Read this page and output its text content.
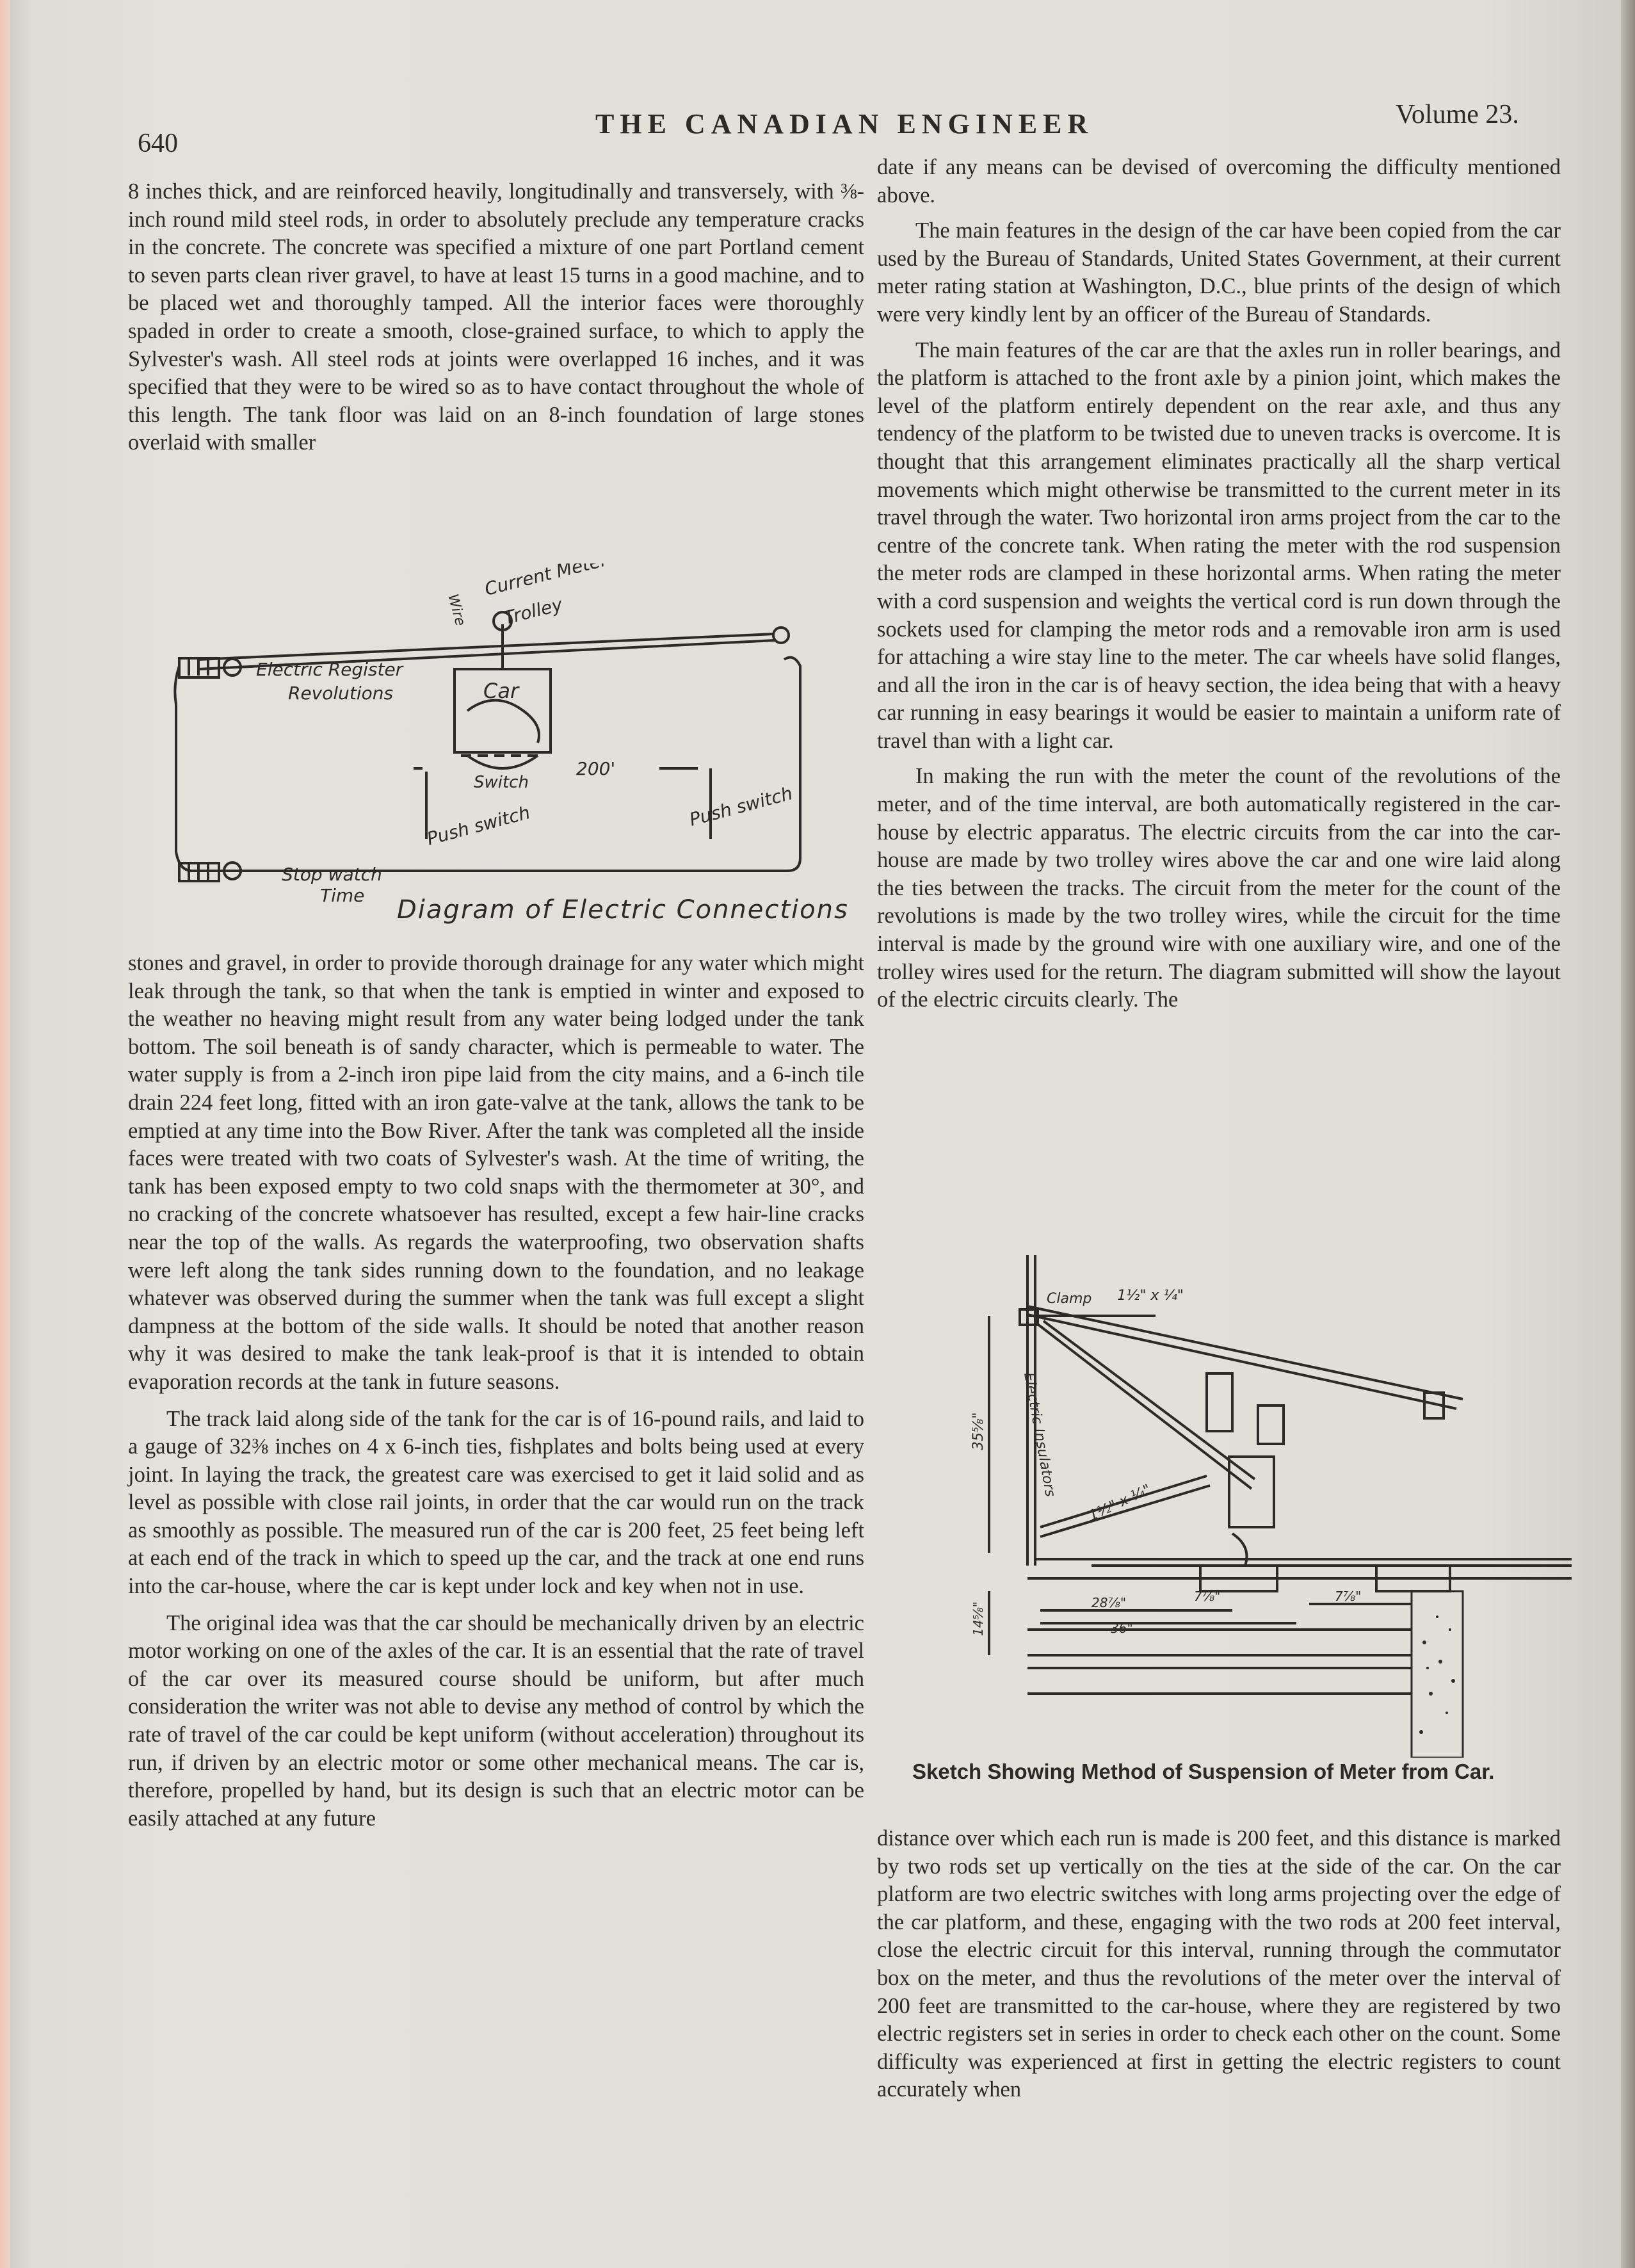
640
THE CANADIAN ENGINEER	Volume 23.

8 inches thick, and are reinforced heavily, longitudinally and transversely, with ⅜-inch round mild steel rods, in order to absolutely preclude any temperature cracks in the concrete. The concrete was specified a mixture of one part Portland cement to seven parts clean river gravel, to have at least 15 turns in a good machine, and to be placed wet and thoroughly tamped. All the interior faces were thoroughly spaded in order to create a smooth, close-grained surface, to which to apply the Sylvester's wash. All steel rods at joints were overlapped 16 inches, and it was specified that they were to be wired so as to have contact throughout the whole of this length. The tank floor was laid on an 8-inch foundation of large stones overlaid with smaller

Current Meter
Trolley
Wire
Electric Register
Revolutions	Car
Switch
200'
Push switch	Push switch
Stop watch
Time Diagram of Electric Connections

stones and gravel, in order to provide thorough drainage for any water which might leak through the tank, so that when the tank is emptied in winter and exposed to the weather no heaving might result from any water being lodged under the tank bottom. The soil beneath is of sandy character, which is permeable to water. The water supply is from a 2-inch iron pipe laid from the city mains, and a 6-inch tile drain 224 feet long, fitted with an iron gate-valve at the tank, allows the tank to be emptied at any time into the Bow River. After the tank was completed all the inside faces were treated with two coats of Sylvester's wash. At the time of writing, the tank has been exposed empty to two cold snaps with the thermometer at 30°, and no cracking of the concrete whatsoever has resulted, except a few hair-line cracks near the top of the walls. As regards the waterproofing, two observation shafts were left along the tank sides running down to the foundation, and no leakage whatever was observed during the summer when the tank was full except a slight dampness at the bottom of the side walls. It should be noted that another reason why it was desired to make the tank leak-proof is that it is intended to obtain evaporation records at the tank in future seasons.

The track laid along side of the tank for the car is of 16-pound rails, and laid to a gauge of 32⅜ inches on 4 x 6-inch ties, fishplates and bolts being used at every joint. In laying the track, the greatest care was exercised to get it laid solid and as level as possible with close rail joints, in order that the car would run on the track as smoothly as possible. The measured run of the car is 200 feet, 25 feet being left at each end of the track in which to speed up the car, and the track at one end runs into the car-house, where the car is kept under lock and key when not in use.

The original idea was that the car should be mechanically driven by an electric motor working on one of the axles of the car. It is an essential that the rate of travel of the car over its measured course should be uniform, but after much consideration the writer was not able to devise any method of control by which the rate of travel of the car could be kept uniform (without acceleration) throughout its run, if driven by an electric motor or some other mechanical means. The car is, therefore, propelled by hand, but its design is such that an electric motor can be easily attached at any future

date if any means can be devised of overcoming the difficulty mentioned above.

The main features in the design of the car have been copied from the car used by the Bureau of Standards, United States Government, at their current meter rating station at Washington, D.C., blue prints of the design of which were very kindly lent by an officer of the Bureau of Standards.

The main features of the car are that the axles run in roller bearings, and the platform is attached to the front axle by a pinion joint, which makes the level of the platform entirely dependent on the rear axle, and thus any tendency of the platform to be twisted due to uneven tracks is overcome. It is thought that this arrangement eliminates practically all the sharp vertical movements which might otherwise be transmitted to the current meter in its travel through the water. Two horizontal iron arms project from the car to the centre of the concrete tank. When rating the meter with the rod suspension the meter rods are clamped in these horizontal arms. When rating the meter with a cord suspension and weights the vertical cord is run down through the sockets used for clamping the metor rods and a removable iron arm is used for attaching a wire stay line to the meter. The car wheels have solid flanges, and all the iron in the car is of heavy section, the idea being that with a heavy car running in easy bearings it would be easier to maintain a uniform rate of travel than with a light car.

In making the run with the meter the count of the revolutions of the meter, and of the time interval, are both automatically registered in the car-house by electric apparatus. The electric circuits from the car into the car-house are made by two trolley wires above the car and one wire laid along the ties between the tracks. The circuit from the meter for the count of the revolutions is made by the two trolley wires, while the circuit for the time interval is made by the ground wire with one auxiliary wire, and one of the trolley wires used for the return. The diagram submitted will show the layout of the electric circuits clearly. The

Clamp 1½" x ¼"
Electric Insulators
35⅝"
1½" x ¼"
7⅞"
14⅝"	28⅞"
36"
7⅞"
Sketch Showing Method of Suspension of Meter from Car.

distance over which each run is made is 200 feet, and this distance is marked by two rods set up vertically on the ties at the side of the car. On the car platform are two electric switches with long arms projecting over the edge of the car platform, and these, engaging with the two rods at 200 feet interval, close the electric circuit for this interval, running through the commutator box on the meter, and thus the revolutions of the meter over the interval of 200 feet are transmitted to the car-house, where they are registered by two electric registers set in series in order to check each other on the count. Some difficulty was experienced at first in getting the electric registers to count accurately when
